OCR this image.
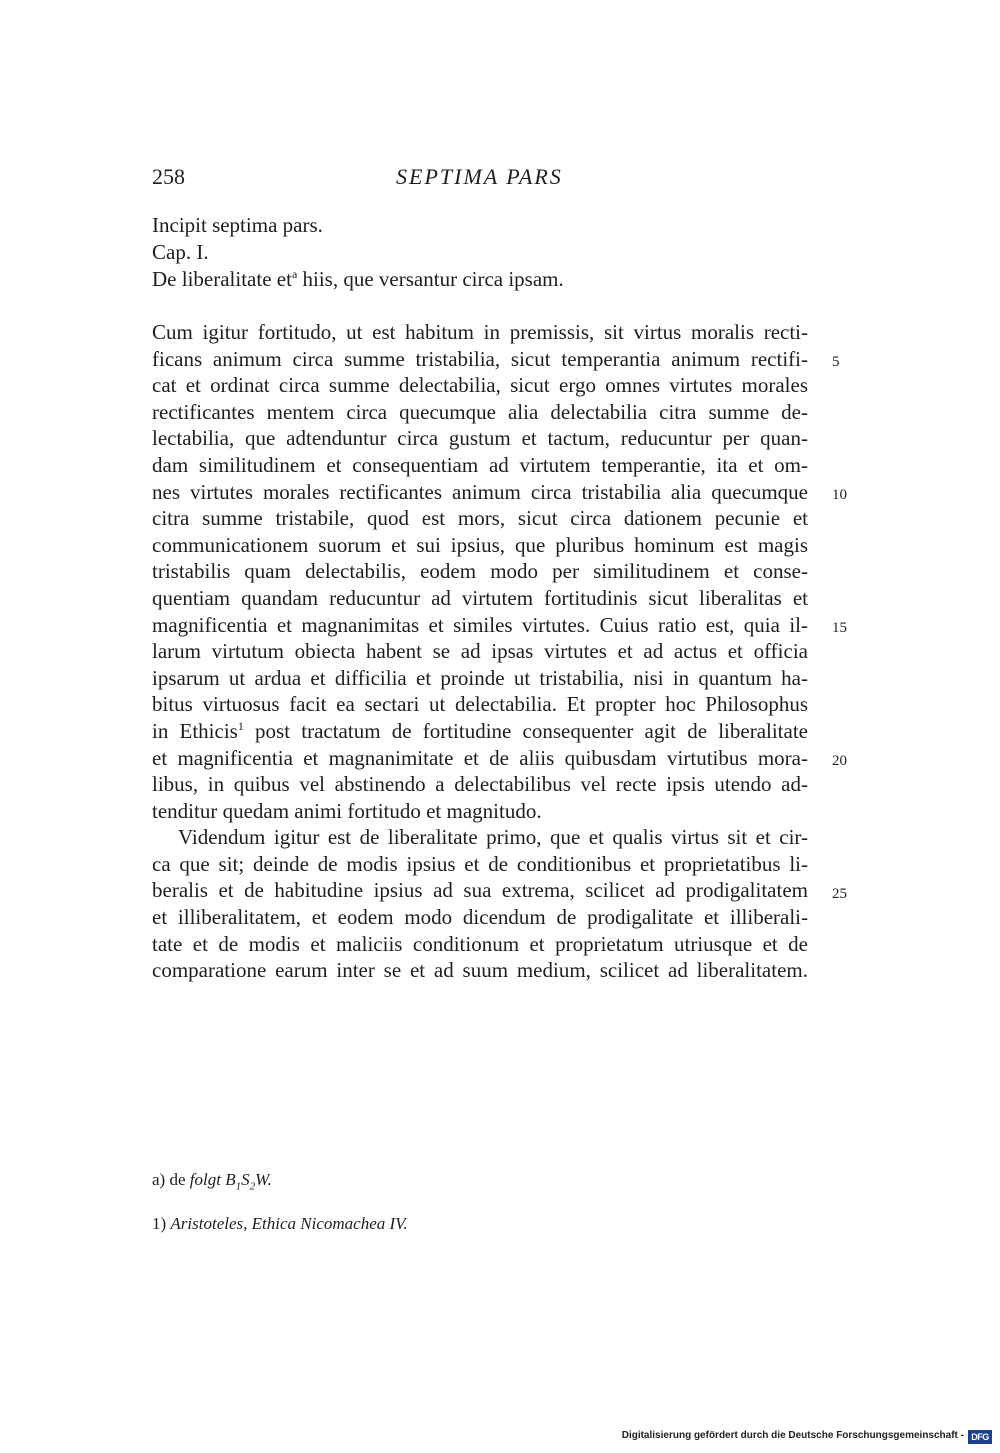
258	SEPTIMA PARS
Incipit septima pars.
Cap. I.
De liberalitate $et^a$ hiis, que versantur circa ipsam.
Cum igitur fortitudo, ut est habitum in premissis, sit virtus moralis recti-
ficans animum circa summe tristabilia, sicut temperantia animum rectifi-
cat et ordinat circa summe delectabilia, sicut ergo omnes virtutes morales
rectificantes mentem circa quecumque alia delectabilia citra summe de-
lectabilia, que adtenduntur circa gustum et tactum, reducuntur per quan-
dam similitudinem et consequentiam ad virtutem temperantie, ita et om-
nes virtutes morales rectificantes animum circa tristabilia alia quecumque
citra summe tristabile, quod est mors, sicut circa dationem pecunie et
communicationem suorum et sui ipsius, que pluribus hominum est magis
tristabilis quam delectabilis, eodem modo per similitudinem et conse-
quentiam quandam reducuntur ad virtutem fortitudinis sicut liberalitas et
magnificentia et magnanimitas et similes virtutes. Cuius ratio est, quia il-
larum virtutum obiecta habent se ad ipsas virtutes et ad actus et officia
ipsarum ut ardua et difficilia et proinde ut tristabilia, nisi in quantum ha-
bitus virtuosus facit ea sectari ut delectabilia. Et propter hoc Philosophus
in Ethicis$^1$ post tractatum de fortitudine consequenter agit de liberalitate
et magnificentia et magnanimitate et de aliis quibusdam virtutibus mora-
libus, in quibus vel abstinendo a delectabilibus vel recte ipsis utendo ad-
tenditur quedam animi fortitudo et magnitudo.
Videndum igitur est de liberalitate primo, que et qualis virtus sit et cir-
ca que sit; deinde de modis ipsius et de conditionibus et proprietatibus li-
beralis et de habitudine ipsius ad sua extrema, scilicet ad prodigalitatem
et illiberalitatem, et eodem modo dicendum de prodigalitate et illiberali-
tate et de modis et maliciis conditionum et proprietatum utriusque et de
comparatione earum inter se et ad suum medium, scilicet ad liberalitatem.
5
10
15
20
25
a) de folgt $B_1S_2W$.
1) Aristoteles, Ethica Nicomachea IV.
Digitalisierung gefördert durch die Deutsche Forschungsgemeinschaft - DFG
